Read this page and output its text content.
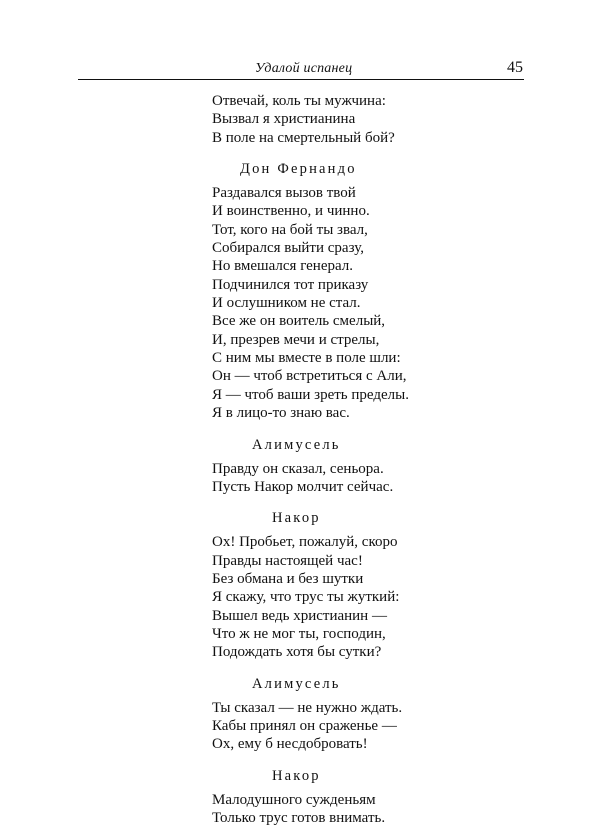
Удалой испанец	45
Отвечай, коль ты мужчина:
Вызвал я христианина
В поле на смертельный бой?
Дон Фернандо
Раздавался вызов твой
И воинственно, и чинно.
Тот, кого на бой ты звал,
Собирался выйти сразу,
Но вмешался генерал.
Подчинился тот приказу
И ослушником не стал.
Все же он воитель смелый,
И, презрев мечи и стрелы,
С ним мы вместе в поле шли:
Он — чтоб встретиться с Али,
Я — чтоб ваши зреть пределы.
Я в лицо-то знаю вас.
Алимусель
Правду он сказал, сеньора.
Пусть Накор молчит сейчас.
Накор
Ох! Пробьет, пожалуй, скоро
Правды настоящей час!
Без обмана и без шутки
Я скажу, что трус ты жуткий:
Вышел ведь христианин —
Что ж не мог ты, господин,
Подождать хотя бы сутки?
Алимусель
Ты сказал — не нужно ждать.
Кабы принял он сраженье —
Ох, ему б несдобровать!
Накор
Малодушного сужденьям
Только трус готов внимать.
